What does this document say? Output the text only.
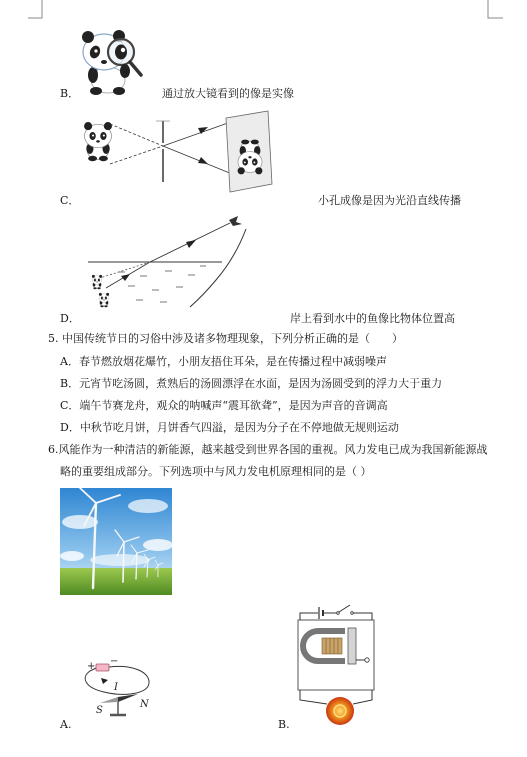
+ −
I
S
N
B．	通过放大镜看到的像是实像
C．	小孔成像是因为光沿直线传播
D．	岸上看到水中的鱼像比物体位置高
5. 中国传统节日的习俗中涉及诸多物理现象，下列分析正确的是（　　）
A．春节燃放烟花爆竹，小朋友捂住耳朵，是在传播过程中减弱噪声
B．元宵节吃汤圆，煮熟后的汤圆漂浮在水面，是因为汤圆受到的浮力大于重力
C．端午节赛龙舟，观众的呐喊声“震耳欲聋”，是因为声音的音调高
D．中秋节吃月饼，月饼香气四溢，是因为分子在不停地做无规则运动
6.风能作为一种清洁的新能源，越来越受到世界各国的重视。风力发电已成为我国新能源战
略的重要组成部分。下列选项中与风力发电机原理相同的是（ ）
A.	B.
